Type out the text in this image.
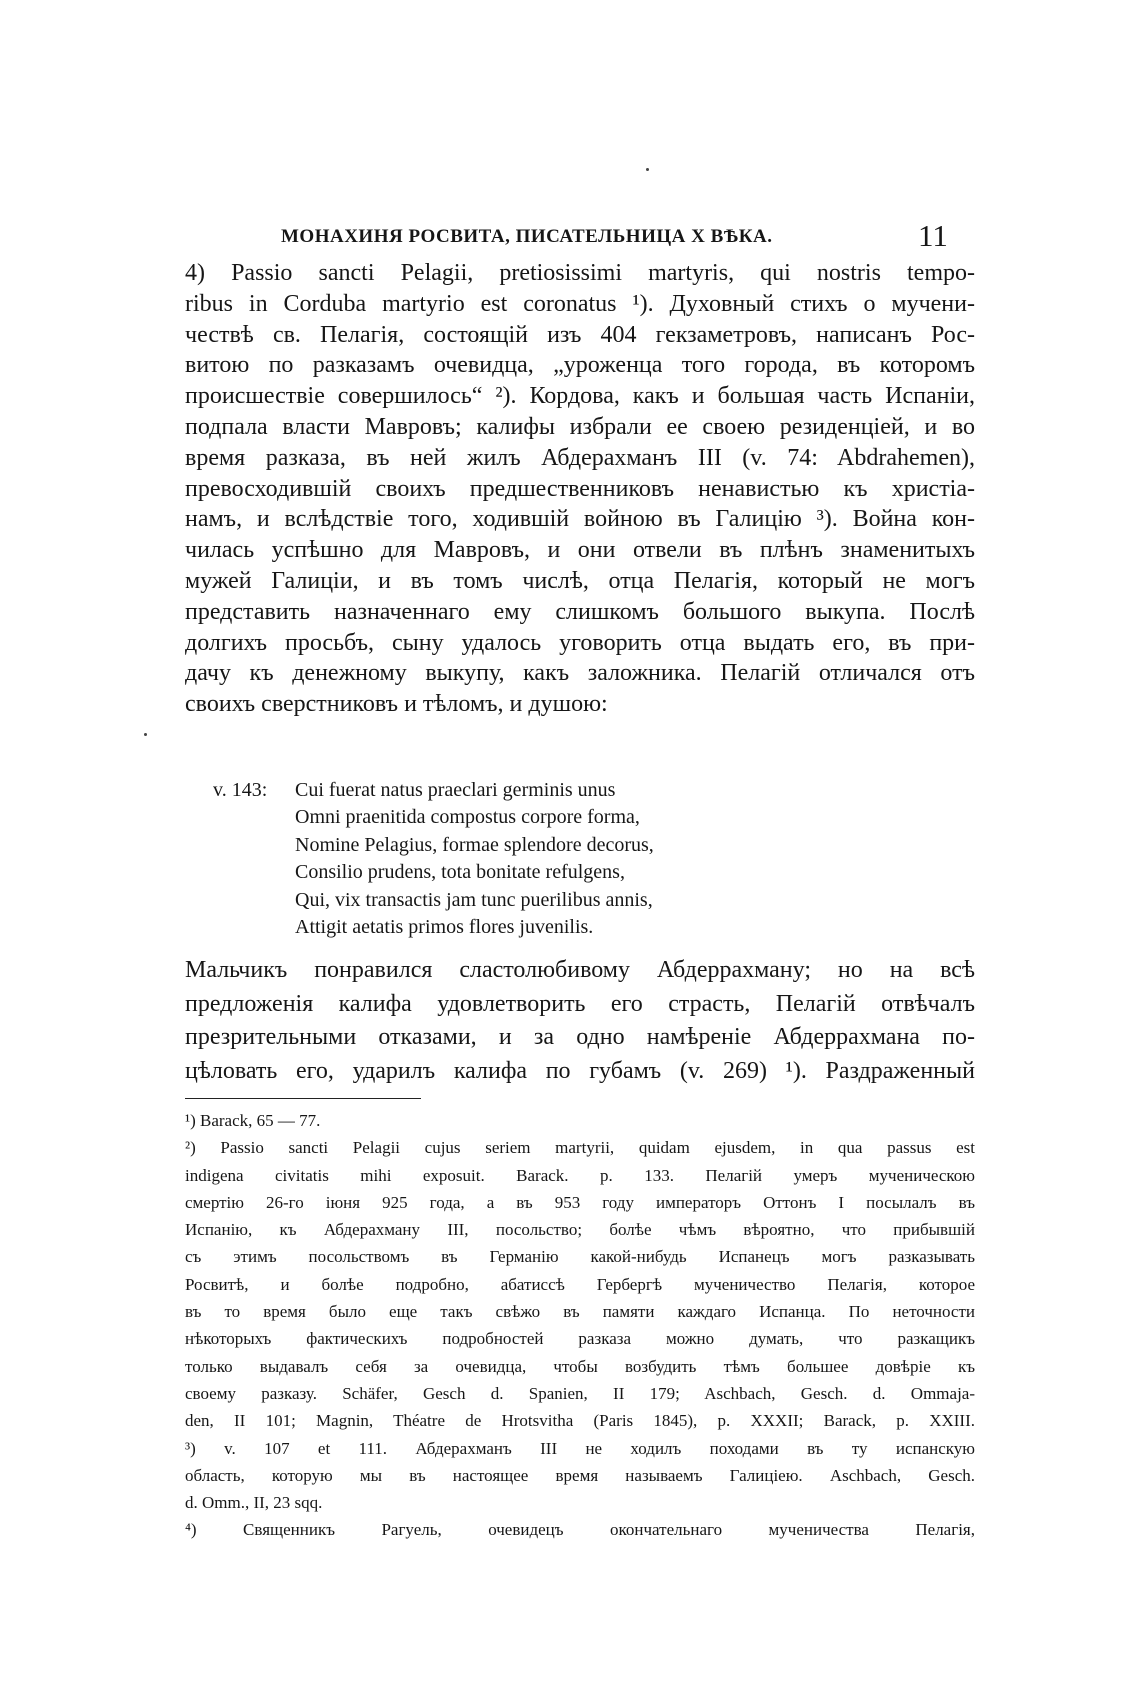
МОНАХИНЯ РОСВИТА, ПИСАТЕЛЬНИЦА X ВѢКА.	11
4) Passio sancti Pelagii, pretiosissimi martyris, qui nostris tempo-
ribus in Corduba martyrio est coronatus ¹). Духовный стихъ о мучени-
чествѣ св. Пелагія, состоящій изъ 404 гекзаметровъ, написанъ Рос-
витою по разказамъ очевидца, „уроженца того города, въ которомъ
происшествіе совершилось“ ²). Кордова, какъ и большая часть Испаніи,
подпала власти Мавровъ; калифы избрали ее своею резиденціей, и во
время разказа, въ ней жилъ Абдерахманъ III (v. 74: Abdrahemen),
превосходившій своихъ предшественниковъ ненавистью къ христіа-
намъ, и вслѣдствіе того, ходившій войною въ Галицію ³). Война кон-
чилась успѣшно для Мавровъ, и они отвели въ плѣнъ знаменитыхъ
мужей Галиціи, и въ томъ числѣ, отца Пелагія, который не могъ
представить назначеннаго ему слишкомъ большого выкупа. Послѣ
долгихъ просьбъ, сыну удалось уговорить отца выдать его, въ при-
дачу къ денежному выкупу, какъ заложника. Пелагій отличался отъ
своихъ сверстниковъ и тѣломъ, и душою:
v. 143: Cui fuerat natus praeclari germinis unus
Omni praenitida compostus corpore forma,
Nomine Pelagius, formae splendore decorus,
Consilio prudens, tota bonitate refulgens,
Qui, vix transactis jam tunc puerilibus annis,
Attigit aetatis primos flores juvenilis.
Мальчикъ понравился сластолюбивому Абдеррахману; но на всѣ
предложенія калифа удовлетворить его страсть, Пелагій отвѣчалъ
презрительными отказами, и за одно намѣреніе Абдеррахмана по-
цѣловать его, ударилъ калифа по губамъ (v. 269) ¹). Раздраженный
¹) Barack, 65 — 77.
²) Passio sancti Pelagii cujus seriem martyrii, quidam ejusdem, in qua passus est
indigena civitatis mihi exposuit. Barack. p. 133. Пелагій умеръ мученическою
смертію 26-го іюня 925 года, а въ 953 году императоръ Оттонъ I посылалъ въ
Испанію, къ Абдерахману III, посольство; болѣе чѣмъ вѣроятно, что прибывшій
съ этимъ посольствомъ въ Германію какой-нибудь Испанецъ могъ разказывать
Росвитѣ, и болѣе подробно, абатиссѣ Гербергѣ мученичество Пелагія, которое
въ то время было еще такъ свѣжо въ памяти каждаго Испанца. По неточности
нѣкоторыхъ фактическихъ подробностей разказа можно думать, что разкащикъ
только выдавалъ себя за очевидца, чтобы возбудить тѣмъ большее довѣріе къ
своему разказу. Schäfer, Gesch d. Spanien, II 179; Aschbach, Gesch. d. Ommaja-
den, II 101; Magnin, Théatre de Hrotsvitha (Paris 1845), p. XXXII; Barack, p. XXIII.
³) v. 107 et 111. Абдерахманъ III не ходилъ походами въ ту испанскую
область, которую мы въ настоящее время называемъ Галиціею. Aschbach, Gesch.
d. Omm., II, 23 sqq.
⁴) Священникъ Рагуель, очевидецъ окончательнаго мученичества Пелагія,
